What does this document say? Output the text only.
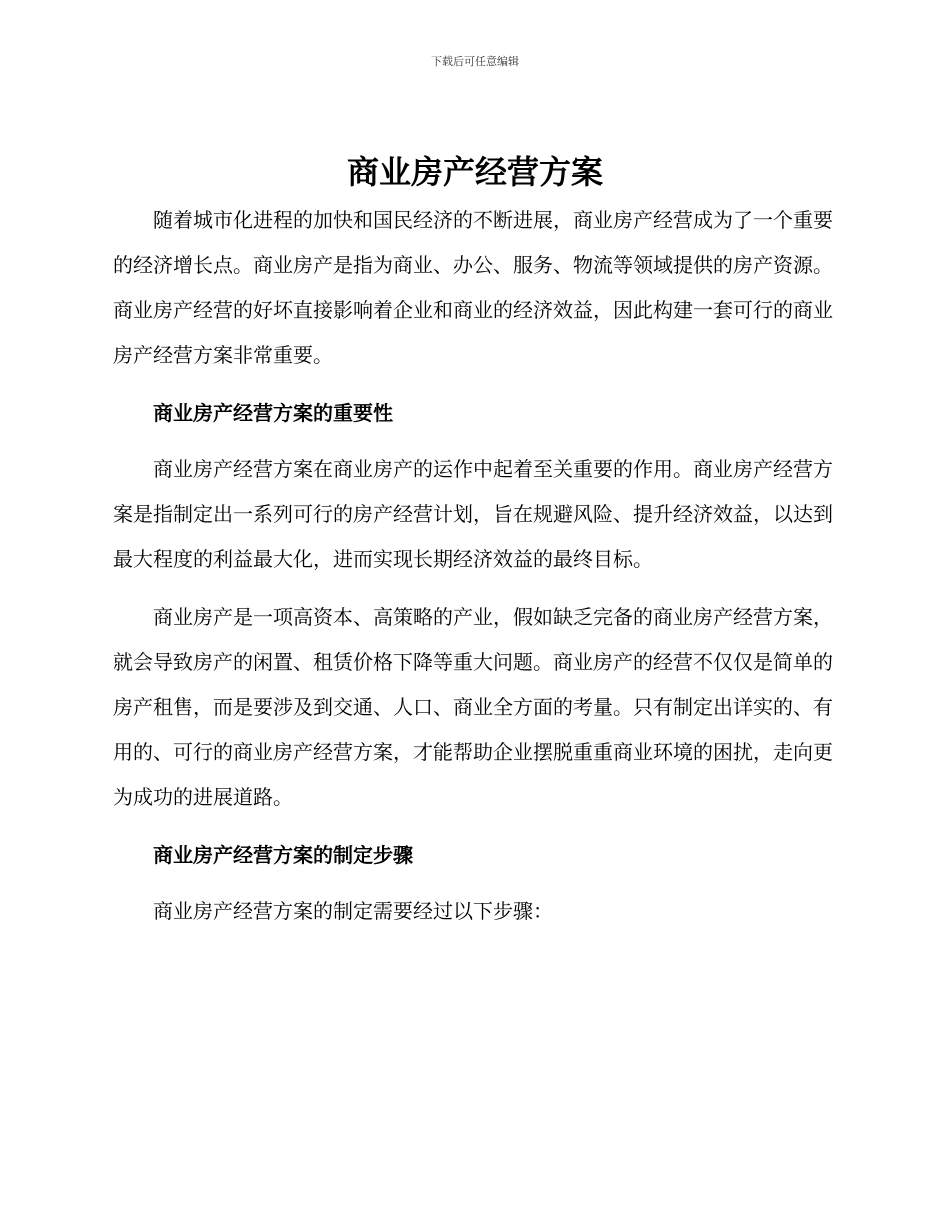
下载后可任意编辑
商业房产经营方案

随着城市化进程的加快和国民经济的不断进展，商业房产经营成为了一个重要的经济增长点。商业房产是指为商业、办公、服务、物流等领域提供的房产资源。商业房产经营的好坏直接影响着企业和商业的经济效益，因此构建一套可行的商业房产经营方案非常重要。

商业房产经营方案的重要性

商业房产经营方案在商业房产的运作中起着至关重要的作用。商业房产经营方案是指制定出一系列可行的房产经营计划，旨在规避风险、提升经济效益，以达到最大程度的利益最大化，进而实现长期经济效益的最终目标。

商业房产是一项高资本、高策略的产业，假如缺乏完备的商业房产经营方案，就会导致房产的闲置、租赁价格下降等重大问题。商业房产的经营不仅仅是简单的房产租售，而是要涉及到交通、人口、商业全方面的考量。只有制定出详实的、有用的、可行的商业房产经营方案，才能帮助企业摆脱重重商业环境的困扰，走向更为成功的进展道路。

商业房产经营方案的制定步骤

商业房产经营方案的制定需要经过以下步骤：
